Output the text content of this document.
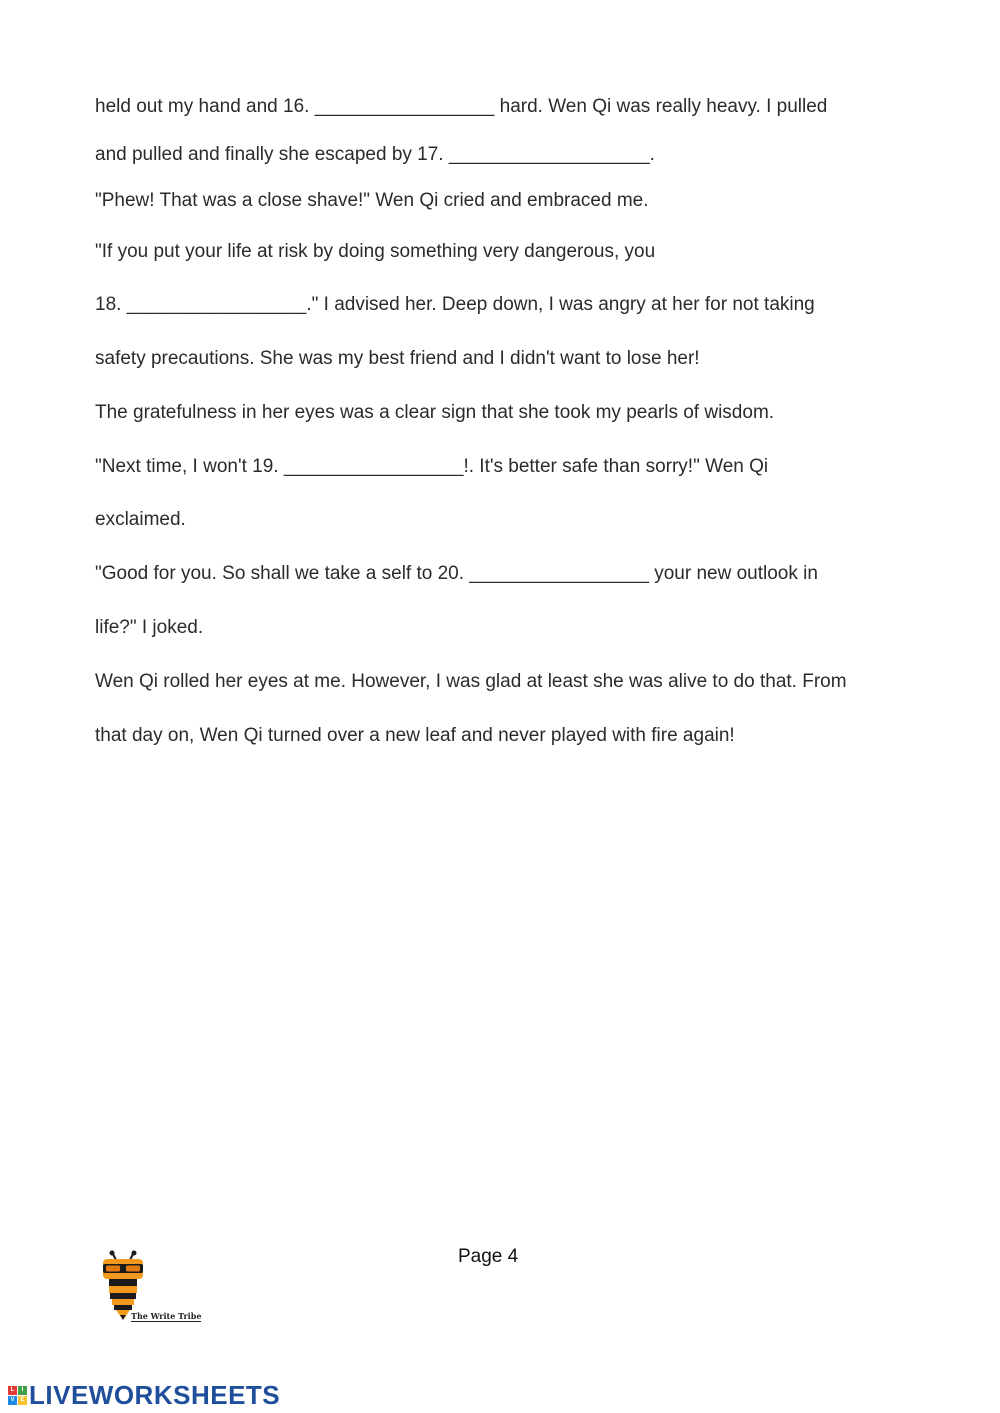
held out my hand and 16. _________________ hard. Wen Qi was really heavy. I pulled
and pulled and finally she escaped by 17. ___________________.
"Phew! That was a close shave!" Wen Qi cried and embraced me.
"If you put your life at risk by doing something very dangerous, you
18. _________________." I advised her. Deep down, I was angry at her for not taking
safety precautions. She was my best friend and I didn't want to lose her!
The gratefulness in her eyes was a clear sign that she took my pearls of wisdom.
"Next time, I won't 19. _________________!. It's better safe than sorry!" Wen Qi
exclaimed.
"Good for you. So shall we take a self to 20. _________________ your new outlook in
life?" I joked.
Wen Qi rolled her eyes at me. However, I was glad at least she was alive to do that. From
that day on, Wen Qi turned over a new leaf and never played with fire again!
Page 4
The Write Tribe
L	I
V E LIVEWORKSHEETS
